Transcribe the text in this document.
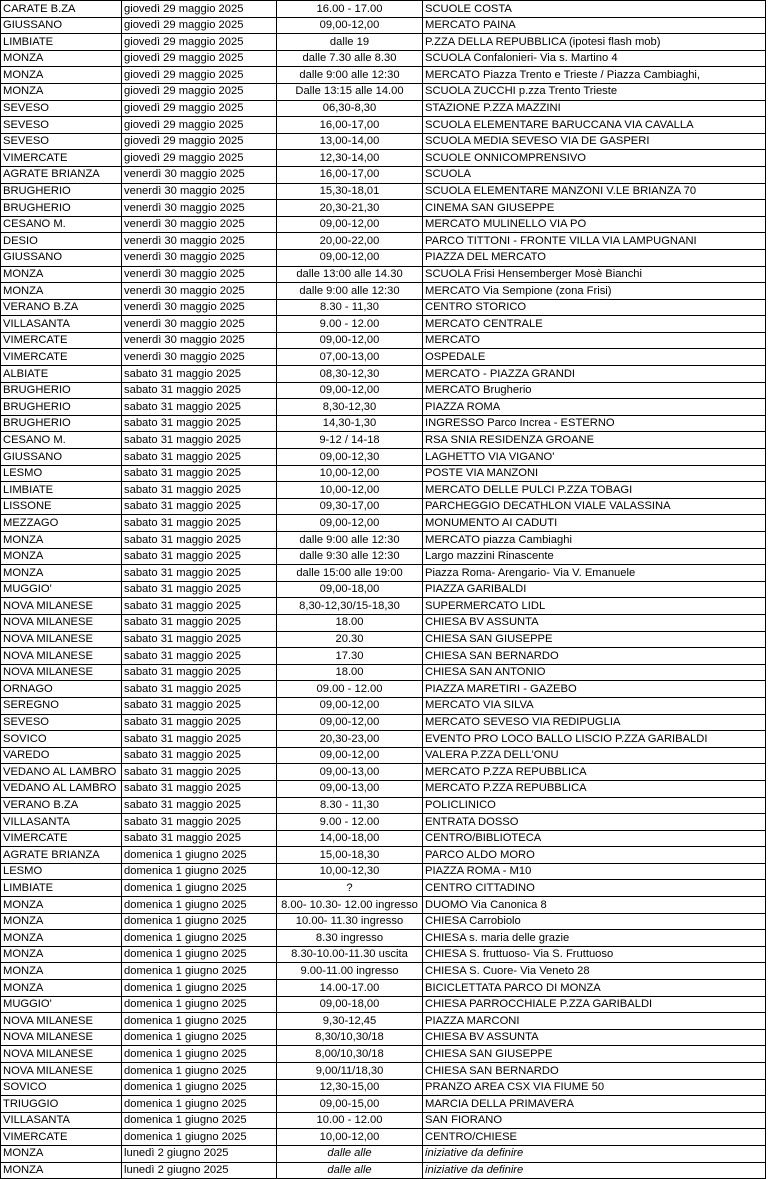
CARATE B.ZA	giovedì 29 maggio 2025	16.00 - 17.00	SCUOLE COSTA
GIUSSANO	giovedì 29 maggio 2025	09,00-12,00	MERCATO PAINA
LIMBIATE	giovedì 29 maggio 2025	dalle 19	P.ZZA DELLA REPUBBLICA (ipotesi flash mob)
MONZA	giovedì 29 maggio 2025	dalle 7.30 alle 8.30	SCUOLA Confalonieri- Via s. Martino 4
MONZA	giovedì 29 maggio 2025	dalle 9:00 alle 12:30	MERCATO Piazza Trento e Trieste / Piazza Cambiaghi,
MONZA	giovedì 29 maggio 2025	Dalle 13:15 alle 14.00	SCUOLA ZUCCHI p.zza Trento Trieste
SEVESO	giovedì 29 maggio 2025	06,30-8,30	STAZIONE P.ZZA MAZZINI
SEVESO	giovedì 29 maggio 2025	16,00-17,00	SCUOLA ELEMENTARE BARUCCANA VIA CAVALLA
SEVESO	giovedì 29 maggio 2025	13,00-14,00	SCUOLA MEDIA SEVESO VIA DE GASPERI
VIMERCATE	giovedì 29 maggio 2025	12,30-14,00	SCUOLE ONNICOMPRENSIVO
AGRATE BRIANZA	venerdì 30 maggio 2025	16,00-17,00	SCUOLA
BRUGHERIO	venerdì 30 maggio 2025	15,30-18,01	SCUOLA ELEMENTARE MANZONI V.LE BRIANZA 70
BRUGHERIO	venerdì 30 maggio 2025	20,30-21,30	CINEMA SAN GIUSEPPE
CESANO M.	venerdì 30 maggio 2025	09,00-12,00	MERCATO MULINELLO VIA PO
DESIO	venerdì 30 maggio 2025	20,00-22,00	PARCO TITTONI - FRONTE VILLA VIA LAMPUGNANI
GIUSSANO	venerdì 30 maggio 2025	09,00-12,00	PIAZZA DEL MERCATO
MONZA	venerdì 30 maggio 2025	dalle 13:00 alle 14.30	SCUOLA Frisi Hensemberger Mosè Bianchi
MONZA	venerdì 30 maggio 2025	dalle 9:00 alle 12:30	MERCATO Via Sempione (zona Frisi)
VERANO B.ZA	venerdì 30 maggio 2025	8.30 - 11,30	CENTRO STORICO
VILLASANTA	venerdì 30 maggio 2025	9.00 - 12.00	MERCATO CENTRALE
VIMERCATE	venerdì 30 maggio 2025	09,00-12,00	MERCATO
VIMERCATE	venerdì 30 maggio 2025	07,00-13,00	OSPEDALE
ALBIATE	sabato 31 maggio 2025	08,30-12,30	MERCATO - PIAZZA GRANDI
BRUGHERIO	sabato 31 maggio 2025	09,00-12,00	MERCATO Brugherio
BRUGHERIO	sabato 31 maggio 2025	8,30-12,30	PIAZZA ROMA
BRUGHERIO	sabato 31 maggio 2025	14,30-1,30	INGRESSO Parco Increa - ESTERNO
CESANO M.	sabato 31 maggio 2025	9-12 / 14-18	RSA SNIA RESIDENZA GROANE
GIUSSANO	sabato 31 maggio 2025	09,00-12,30	LAGHETTO VIA VIGANO'
LESMO	sabato 31 maggio 2025	10,00-12,00	POSTE VIA MANZONI
LIMBIATE	sabato 31 maggio 2025	10,00-12,00	MERCATO DELLE PULCI P.ZZA TOBAGI
LISSONE	sabato 31 maggio 2025	09,30-17,00	PARCHEGGIO DECATHLON VIALE VALASSINA
MEZZAGO	sabato 31 maggio 2025	09,00-12,00	MONUMENTO AI CADUTI
MONZA	sabato 31 maggio 2025	dalle 9:00 alle 12:30	MERCATO piazza Cambiaghi
MONZA	sabato 31 maggio 2025	dalle 9:30 alle 12:30	Largo mazzini Rinascente
MONZA	sabato 31 maggio 2025	dalle 15:00 alle 19:00	Piazza Roma- Arengario- Via V. Emanuele
MUGGIO'	sabato 31 maggio 2025	09,00-18,00	PIAZZA GARIBALDI
NOVA MILANESE	sabato 31 maggio 2025	8,30-12,30/15-18,30	SUPERMERCATO LIDL
NOVA MILANESE	sabato 31 maggio 2025	18.00	CHIESA BV ASSUNTA
NOVA MILANESE	sabato 31 maggio 2025	20.30	CHIESA SAN GIUSEPPE
NOVA MILANESE	sabato 31 maggio 2025	17.30	CHIESA SAN BERNARDO
NOVA MILANESE	sabato 31 maggio 2025	18.00	CHIESA SAN ANTONIO
ORNAGO	sabato 31 maggio 2025	09.00 - 12.00	PIAZZA MARETIRI - GAZEBO
SEREGNO	sabato 31 maggio 2025	09,00-12,00	MERCATO VIA SILVA
SEVESO	sabato 31 maggio 2025	09,00-12,00	MERCATO SEVESO VIA REDIPUGLIA
SOVICO	sabato 31 maggio 2025	20,30-23,00	EVENTO PRO LOCO BALLO LISCIO P.ZZA GARIBALDI
VAREDO	sabato 31 maggio 2025	09,00-12,00	VALERA P.ZZA DELL'ONU
VEDANO AL LAMBRO	sabato 31 maggio 2025	09,00-13,00	MERCATO P.ZZA REPUBBLICA
VEDANO AL LAMBRO	sabato 31 maggio 2025	09,00-13,00	MERCATO P.ZZA REPUBBLICA
VERANO B.ZA	sabato 31 maggio 2025	8.30 - 11,30	POLICLINICO
VILLASANTA	sabato 31 maggio 2025	9.00 - 12.00	ENTRATA DOSSO
VIMERCATE	sabato 31 maggio 2025	14,00-18,00	CENTRO/BIBLIOTECA
AGRATE BRIANZA	domenica 1 giugno 2025	15,00-18,30	PARCO ALDO MORO
LESMO	domenica 1 giugno 2025	10,00-12,30	PIAZZA ROMA - M10
LIMBIATE	domenica 1 giugno 2025	?	CENTRO CITTADINO
MONZA	domenica 1 giugno 2025	8.00- 10.30- 12.00 ingresso	DUOMO Via Canonica 8
MONZA	domenica 1 giugno 2025	10.00- 11.30 ingresso	CHIESA Carrobiolo
MONZA	domenica 1 giugno 2025	8.30 ingresso	CHIESA s. maria delle grazie
MONZA	domenica 1 giugno 2025	8.30-10.00-11.30 uscita	CHIESA S. fruttuoso- Via S. Fruttuoso
MONZA	domenica 1 giugno 2025	9.00-11.00 ingresso	CHIESA S. Cuore- Via Veneto 28
MONZA	domenica 1 giugno 2025	14.00-17.00	BICICLETTATA PARCO DI MONZA
MUGGIO'	domenica 1 giugno 2025	09,00-18,00	CHIESA PARROCCHIALE P.ZZA GARIBALDI
NOVA MILANESE	domenica 1 giugno 2025	9,30-12,45	PIAZZA MARCONI
NOVA MILANESE	domenica 1 giugno 2025	8,30/10,30/18	CHIESA BV ASSUNTA
NOVA MILANESE	domenica 1 giugno 2025	8,00/10,30/18	CHIESA SAN GIUSEPPE
NOVA MILANESE	domenica 1 giugno 2025	9,00/11/18,30	CHIESA SAN BERNARDO
SOVICO	domenica 1 giugno 2025	12,30-15,00	PRANZO AREA CSX VIA FIUME 50
TRIUGGIO	domenica 1 giugno 2025	09,00-15,00	MARCIA DELLA PRIMAVERA
VILLASANTA	domenica 1 giugno 2025	10.00 - 12.00	SAN FIORANO
VIMERCATE	domenica 1 giugno 2025	10,00-12,00	CENTRO/CHIESE
MONZA	lunedì 2 giugno 2025	dalle alle	iniziative da definire
MONZA	lunedì 2 giugno 2025	dalle alle	iniziative da definire
